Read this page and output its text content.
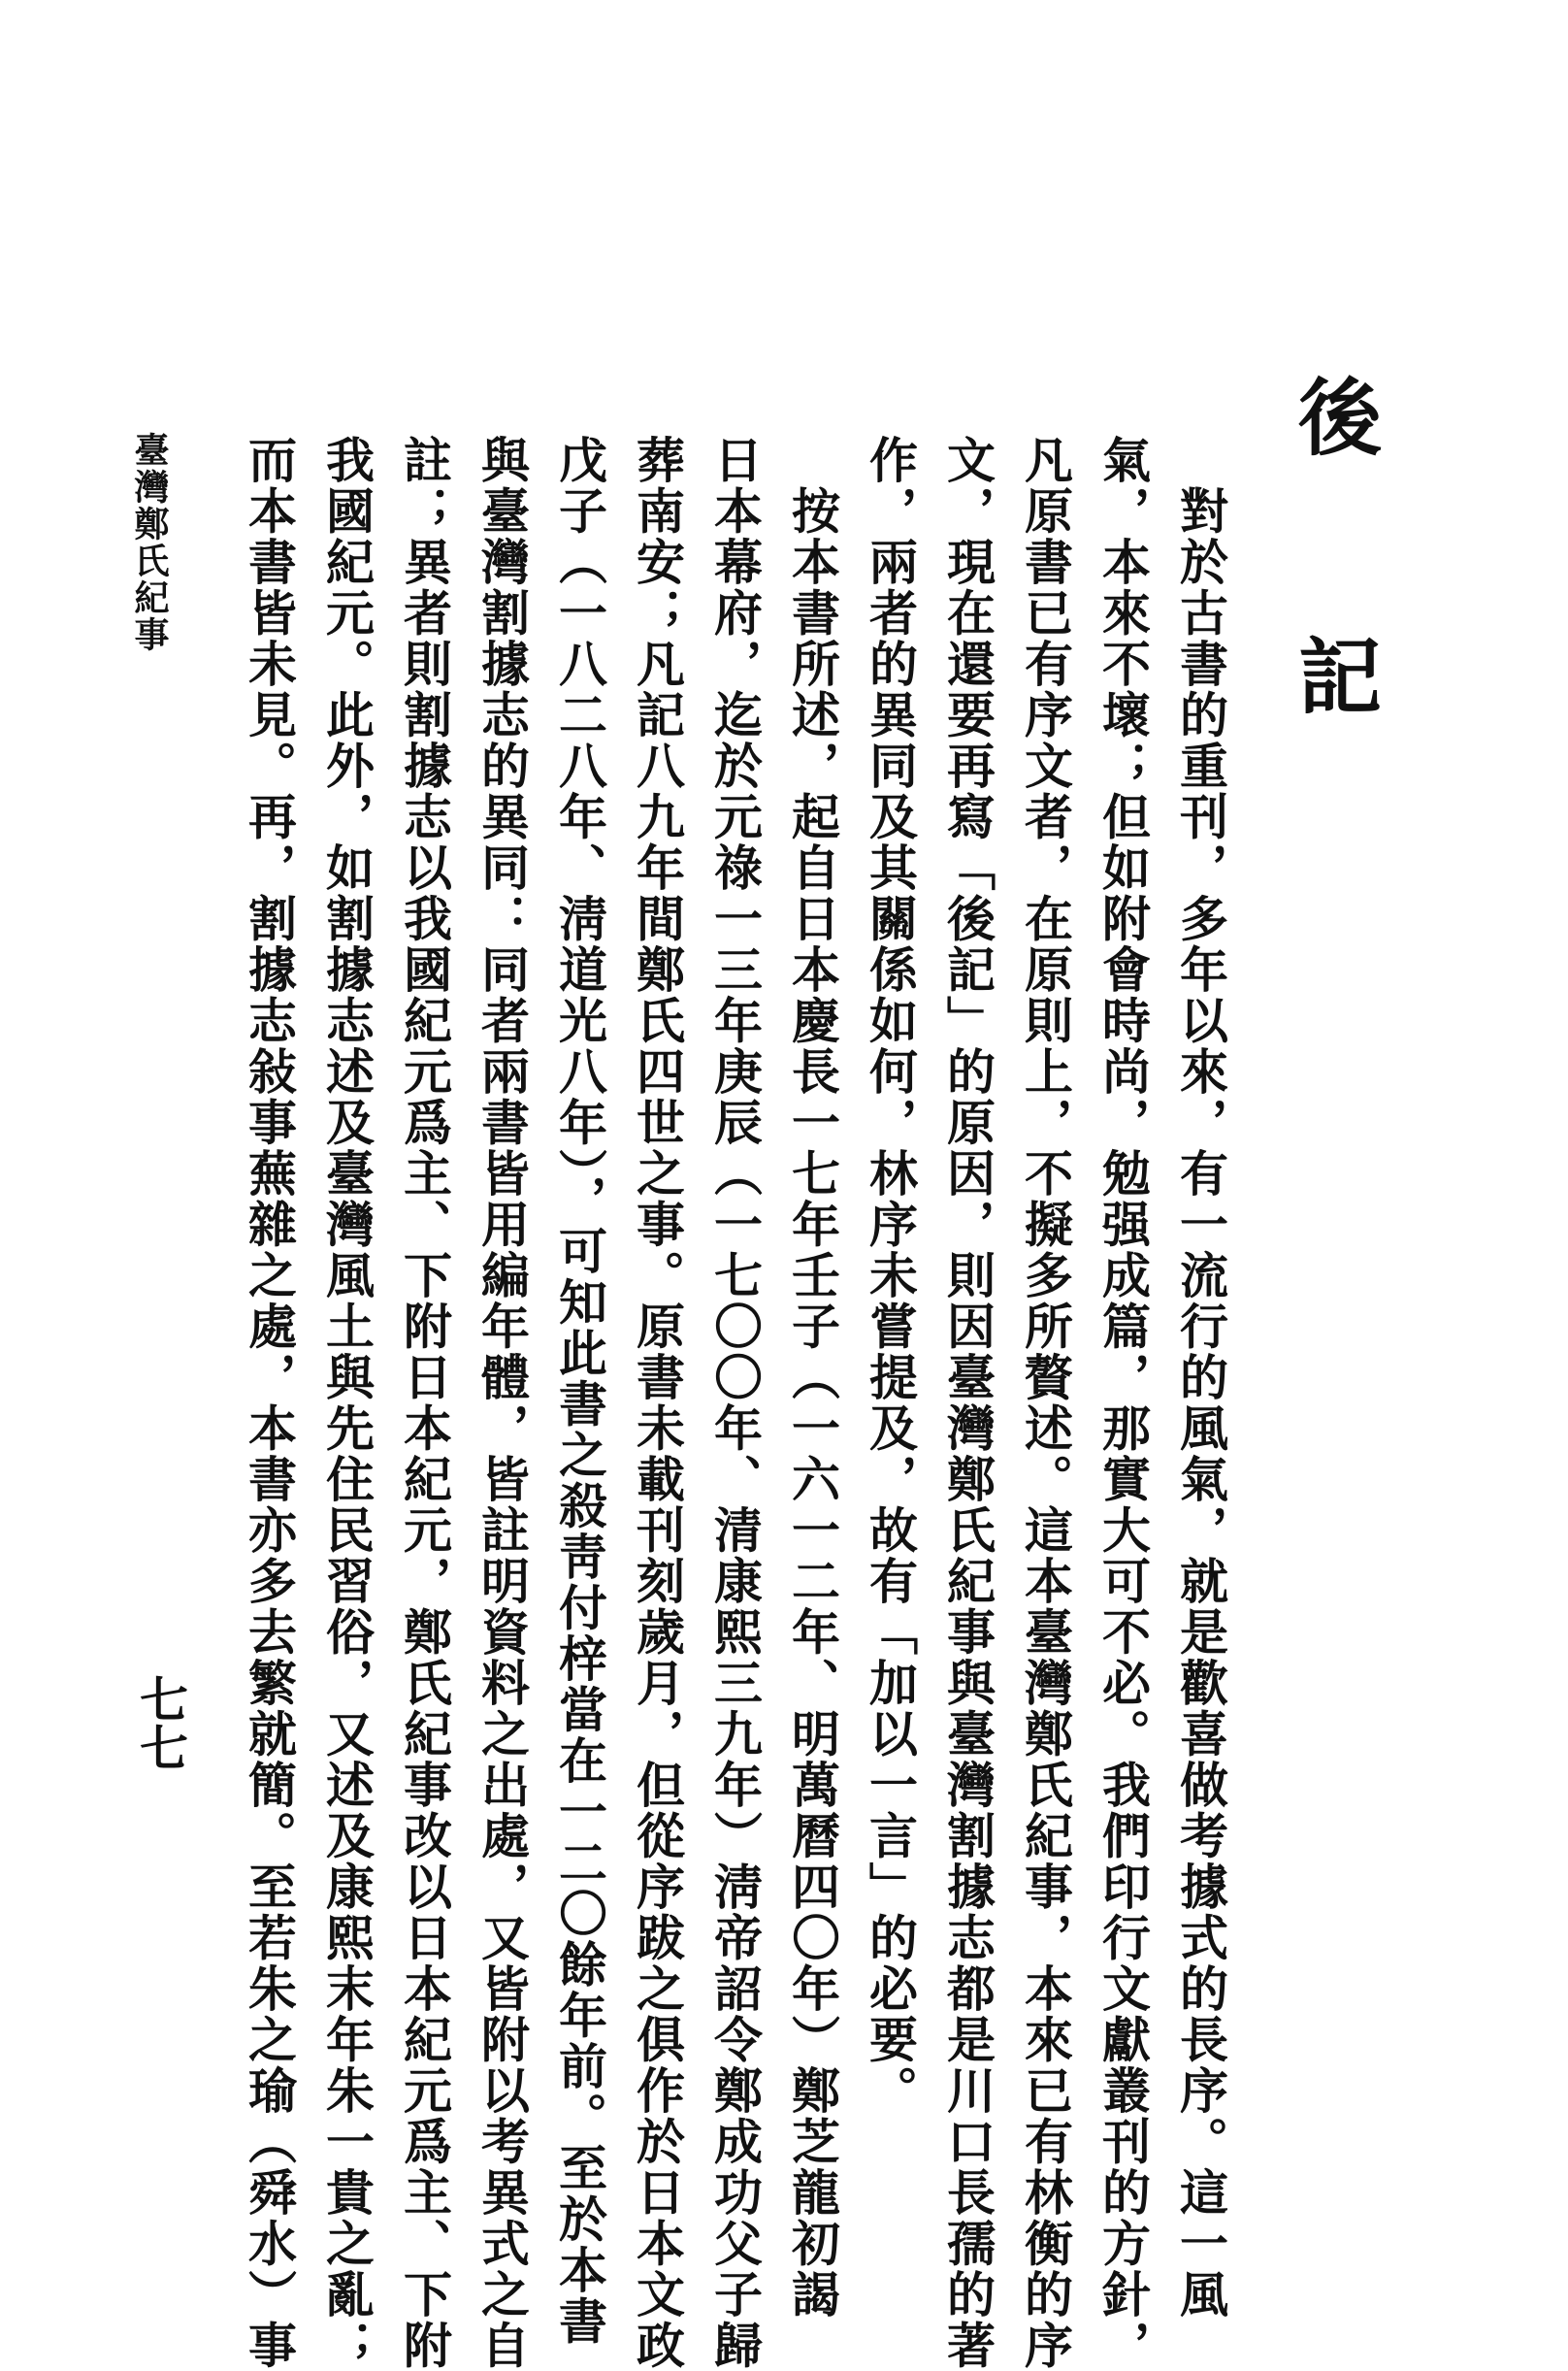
後 記
　對於古書的重刊，多年以來，有一流行的風氣，就是歡喜做考據式的長序。這一風
氣，本來不壞；但如附會時尚，勉强成篇，那實大可不必。我們印行文獻叢刊的方針，
凡原書已有序文者，在原則上，不擬多所贅述。這本臺灣鄭氏紀事，本來已有林衡的序
文，現在還要再寫「後記」的原因，則因臺灣鄭氏紀事與臺灣割據志都是川口長孺的著
作，兩者的異同及其關係如何，林序未嘗提及，故有「加以一言」的必要。
　按本書所述，起自日本慶長一七年壬子（一六一二年、明萬曆四〇年）鄭芝龍初謁
日本幕府，迄於元祿一三年庚辰（一七〇〇年、清康熙三九年）淸帝詔令鄭成功父子歸
葬南安；凡記八九年間鄭氏四世之事。原書未載刊刻歲月，但從序跋之俱作於日本文政
戊子（一八二八年、淸道光八年），可知此書之殺靑付梓當在一二〇餘年前。至於本書
與臺灣割據志的異同：同者兩書皆用編年體，皆註明資料之出處，又皆附以考異式之自
註；異者則割據志以我國紀元爲主、下附日本紀元，鄭氏紀事改以日本紀元爲主、下附
我國紀元。此外，如割據志述及臺灣風土與先住民習俗，又述及康熙末年朱一貴之亂；
而本書皆未見。再，割據志敍事蕪雜之處，本書亦多去繁就簡。至若朱之瑜（舜水）事
七七
臺灣鄭氏紀事
